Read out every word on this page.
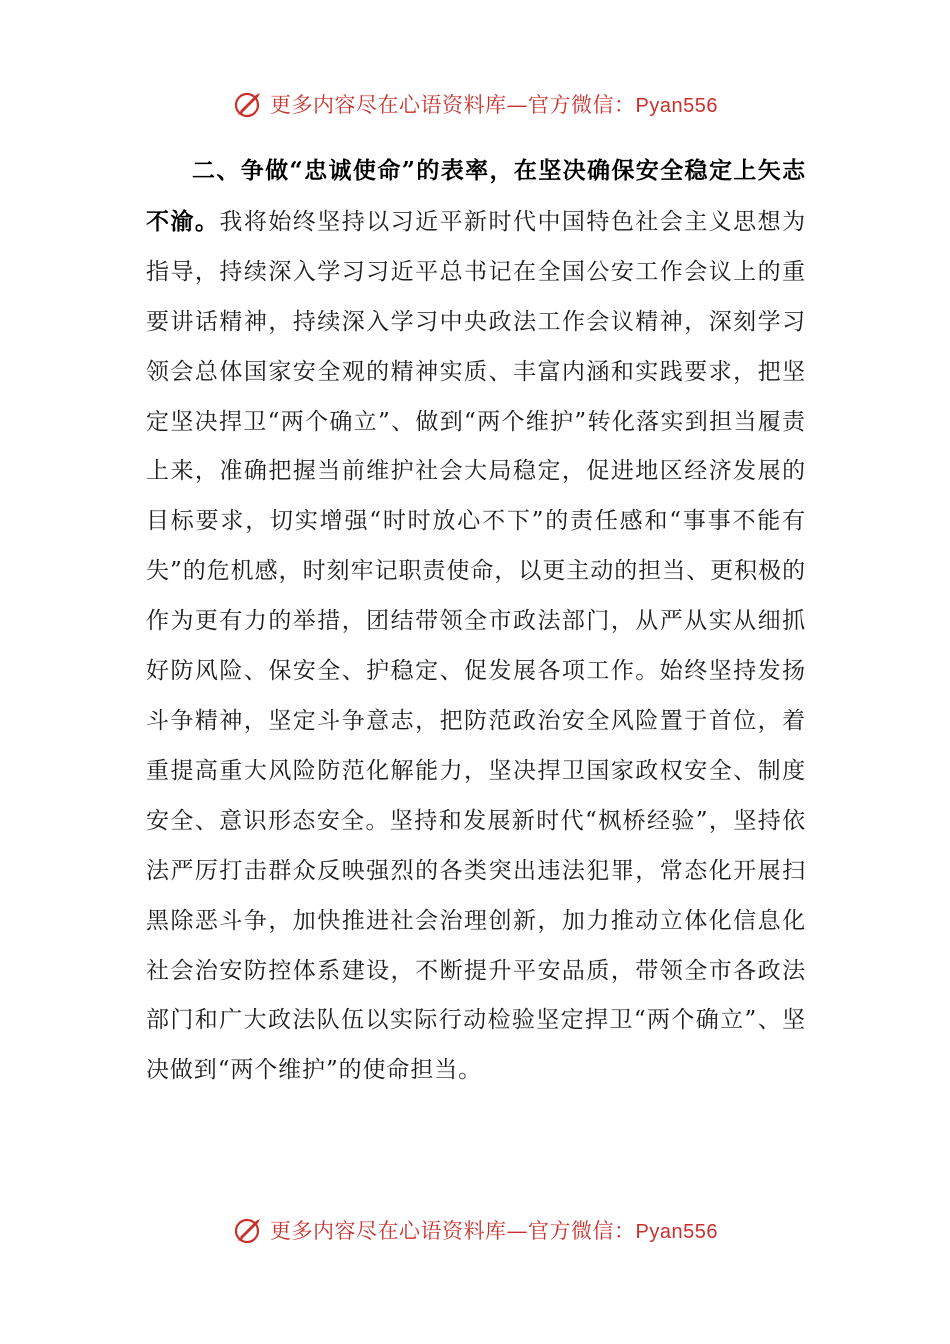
更多内容尽在心语资料库—官方微信：Pyan556

二、争做“忠诚使命”的表率，在坚决确保安全稳定上矢志不渝。我将始终坚持以习近平新时代中国特色社会主义思想为指导，持续深入学习习近平总书记在全国公安工作会议上的重要讲话精神，持续深入学习中央政法工作会议精神，深刻学习领会总体国家安全观的精神实质、丰富内涵和实践要求，把坚定坚决捍卫“两个确立”、做到“两个维护”转化落实到担当履责上来，准确把握当前维护社会大局稳定，促进地区经济发展的目标要求，切实增强“时时放心不下”的责任感和“事事不能有失”的危机感，时刻牢记职责使命，以更主动的担当、更积极的作为更有力的举措，团结带领全市政法部门，从严从实从细抓好防风险、保安全、护稳定、促发展各项工作。始终坚持发扬斗争精神，坚定斗争意志，把防范政治安全风险置于首位，着重提高重大风险防范化解能力，坚决捍卫国家政权安全、制度安全、意识形态安全。坚持和发展新时代“枫桥经验”，坚持依法严厉打击群众反映强烈的各类突出违法犯罪，常态化开展扫黑除恶斗争，加快推进社会治理创新，加力推动立体化信息化社会治安防控体系建设，不断提升平安品质，带领全市各政法部门和广大政法队伍以实际行动检验坚定捍卫“两个确立”、坚决做到“两个维护”的使命担当。

更多内容尽在心语资料库—官方微信：Pyan556
